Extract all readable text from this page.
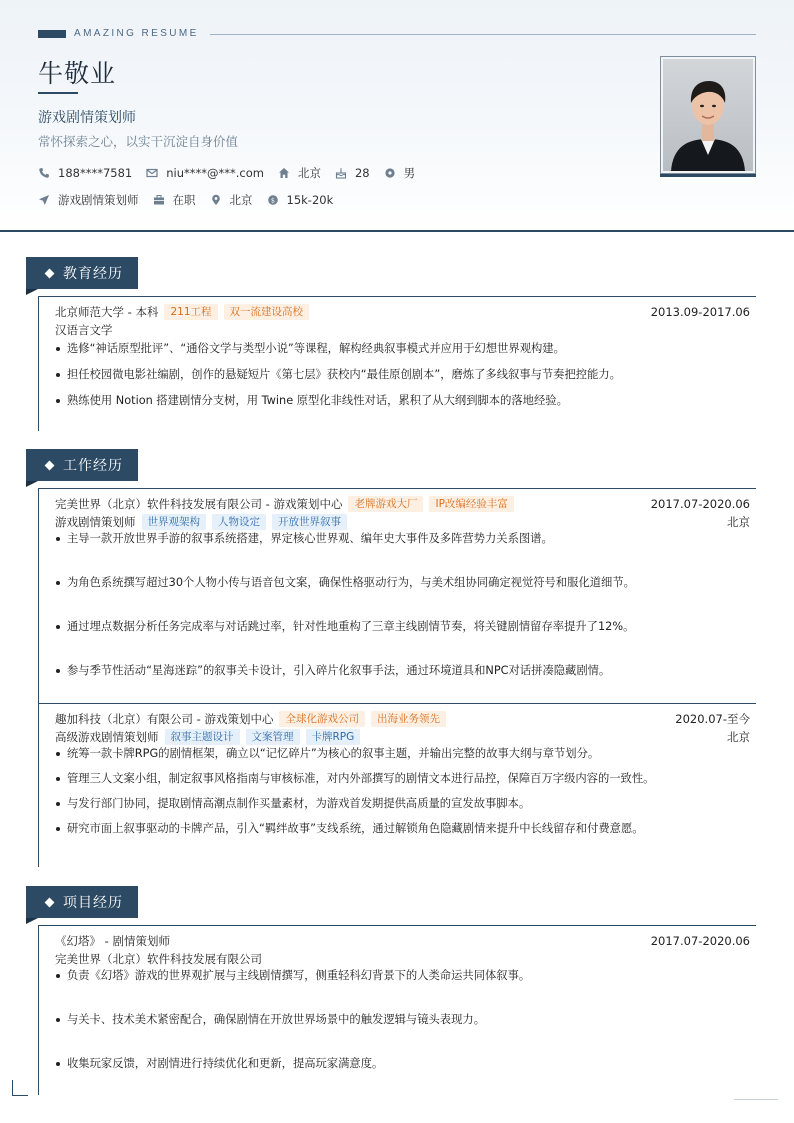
AMAZING RESUME
牛敬业
游戏剧情策划师
常怀探索之心，以实干沉淀自身价值
188****7581	niu****@***.com	北京	28	男
游戏剧情策划师	在职	北京	$ 15k-20k
教育经历
北京师范大学 - 本科	211工程	双一流建设高校	2013.09-2017.06
汉语言文学
选修“神话原型批评”、“通俗文学与类型小说”等课程，解构经典叙事模式并应用于幻想世界观构建。
担任校园微电影社编剧，创作的悬疑短片《第七层》获校内“最佳原创剧本”，磨炼了多线叙事与节奏把控能力。
熟练使用 Notion 搭建剧情分支树，用 Twine 原型化非线性对话，累积了从大纲到脚本的落地经验。
工作经历
完美世界（北京）软件科技发展有限公司 - 游戏策划中心	老牌游戏大厂	IP改编经验丰富	2017.07-2020.06
游戏剧情策划师	世界观架构	人物设定	开放世界叙事	北京
主导一款开放世界手游的叙事系统搭建，界定核心世界观、编年史大事件及多阵营势力关系图谱。
为角色系统撰写超过30个人物小传与语音包文案，确保性格驱动行为，与美术组协同确定视觉符号和服化道细节。
通过埋点数据分析任务完成率与对话跳过率，针对性地重构了三章主线剧情节奏，将关键剧情留存率提升了12%。
参与季节性活动“星海迷踪”的叙事关卡设计，引入碎片化叙事手法，通过环境道具和NPC对话拼凑隐藏剧情。
趣加科技（北京）有限公司 - 游戏策划中心	全球化游戏公司	出海业务领先	2020.07-至今
高级游戏剧情策划师	叙事主题设计	文案管理	卡牌RPG	北京
统筹一款卡牌RPG的剧情框架，确立以“记忆碎片”为核心的叙事主题，并输出完整的故事大纲与章节划分。
管理三人文案小组，制定叙事风格指南与审核标准，对内外部撰写的剧情文本进行品控，保障百万字级内容的一致性。
与发行部门协同，提取剧情高潮点制作买量素材，为游戏首发期提供高质量的宣发故事脚本。
研究市面上叙事驱动的卡牌产品，引入“羁绊故事”支线系统，通过解锁角色隐藏剧情来提升中长线留存和付费意愿。
项目经历
《幻塔》 - 剧情策划师	2017.07-2020.06
完美世界（北京）软件科技发展有限公司
负责《幻塔》游戏的世界观扩展与主线剧情撰写，侧重轻科幻背景下的人类命运共同体叙事。
与关卡、技术美术紧密配合，确保剧情在开放世界场景中的触发逻辑与镜头表现力。
收集玩家反馈，对剧情进行持续优化和更新，提高玩家满意度。
